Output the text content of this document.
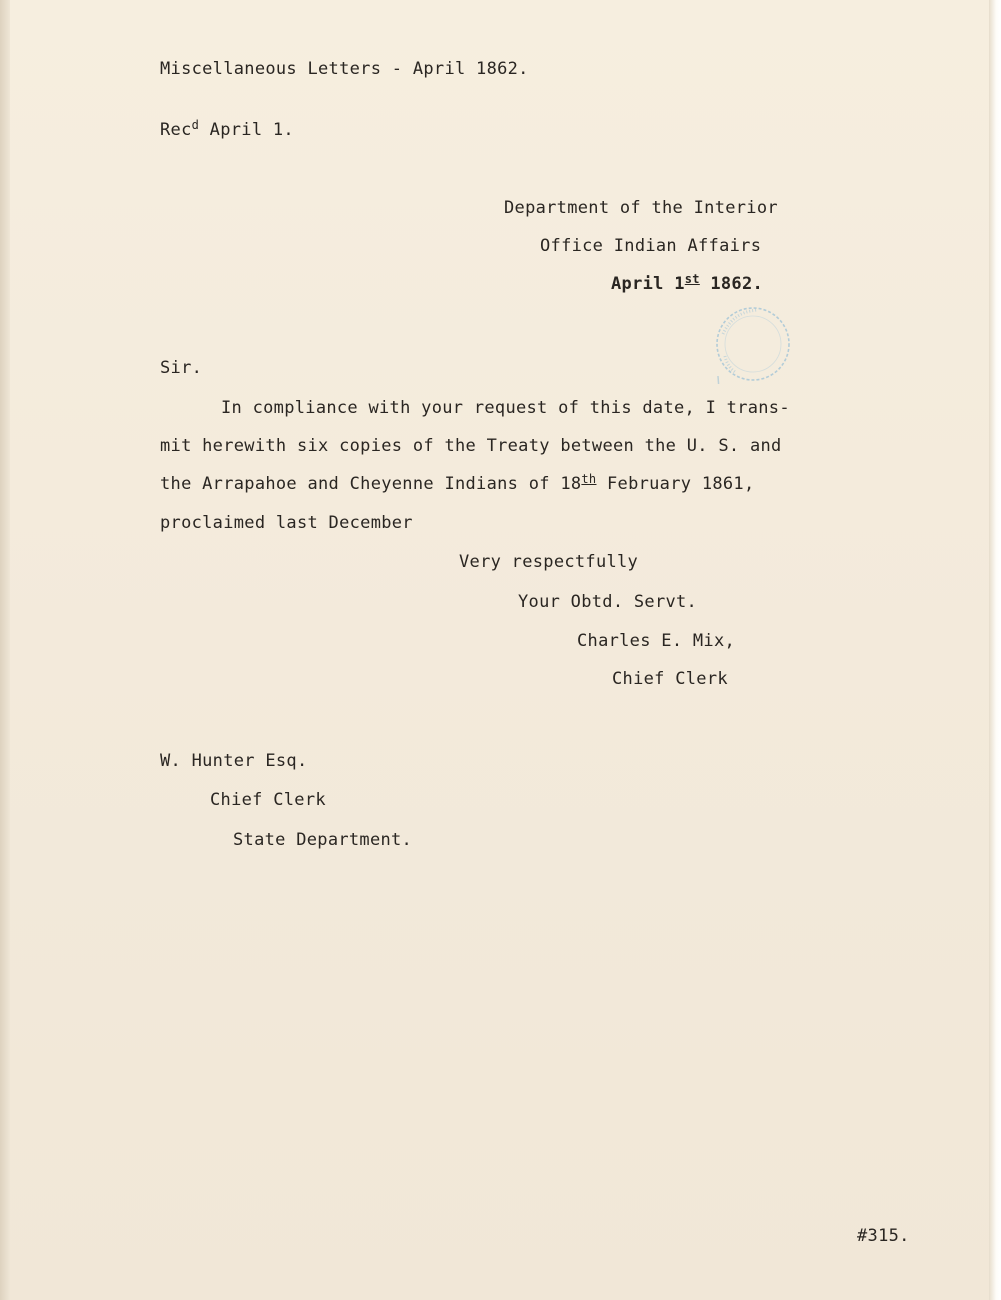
Miscellaneous Letters - April 1862.
Rec$^d$ April 1.
Department of the Interior
Office Indian Affairs
April 1st 1862.
Sir.
In compliance with your request of this date, I trans-
mit herewith six copies of the Treaty between the U. S. and
the Arrapahoe and Cheyenne Indians of 18th February 1861,
proclaimed last December
Very respectfully
Your Obtd. Servt.
Charles E. Mix,
Chief Clerk
W. Hunter Esq.
Chief Clerk
State Department.
#315.
